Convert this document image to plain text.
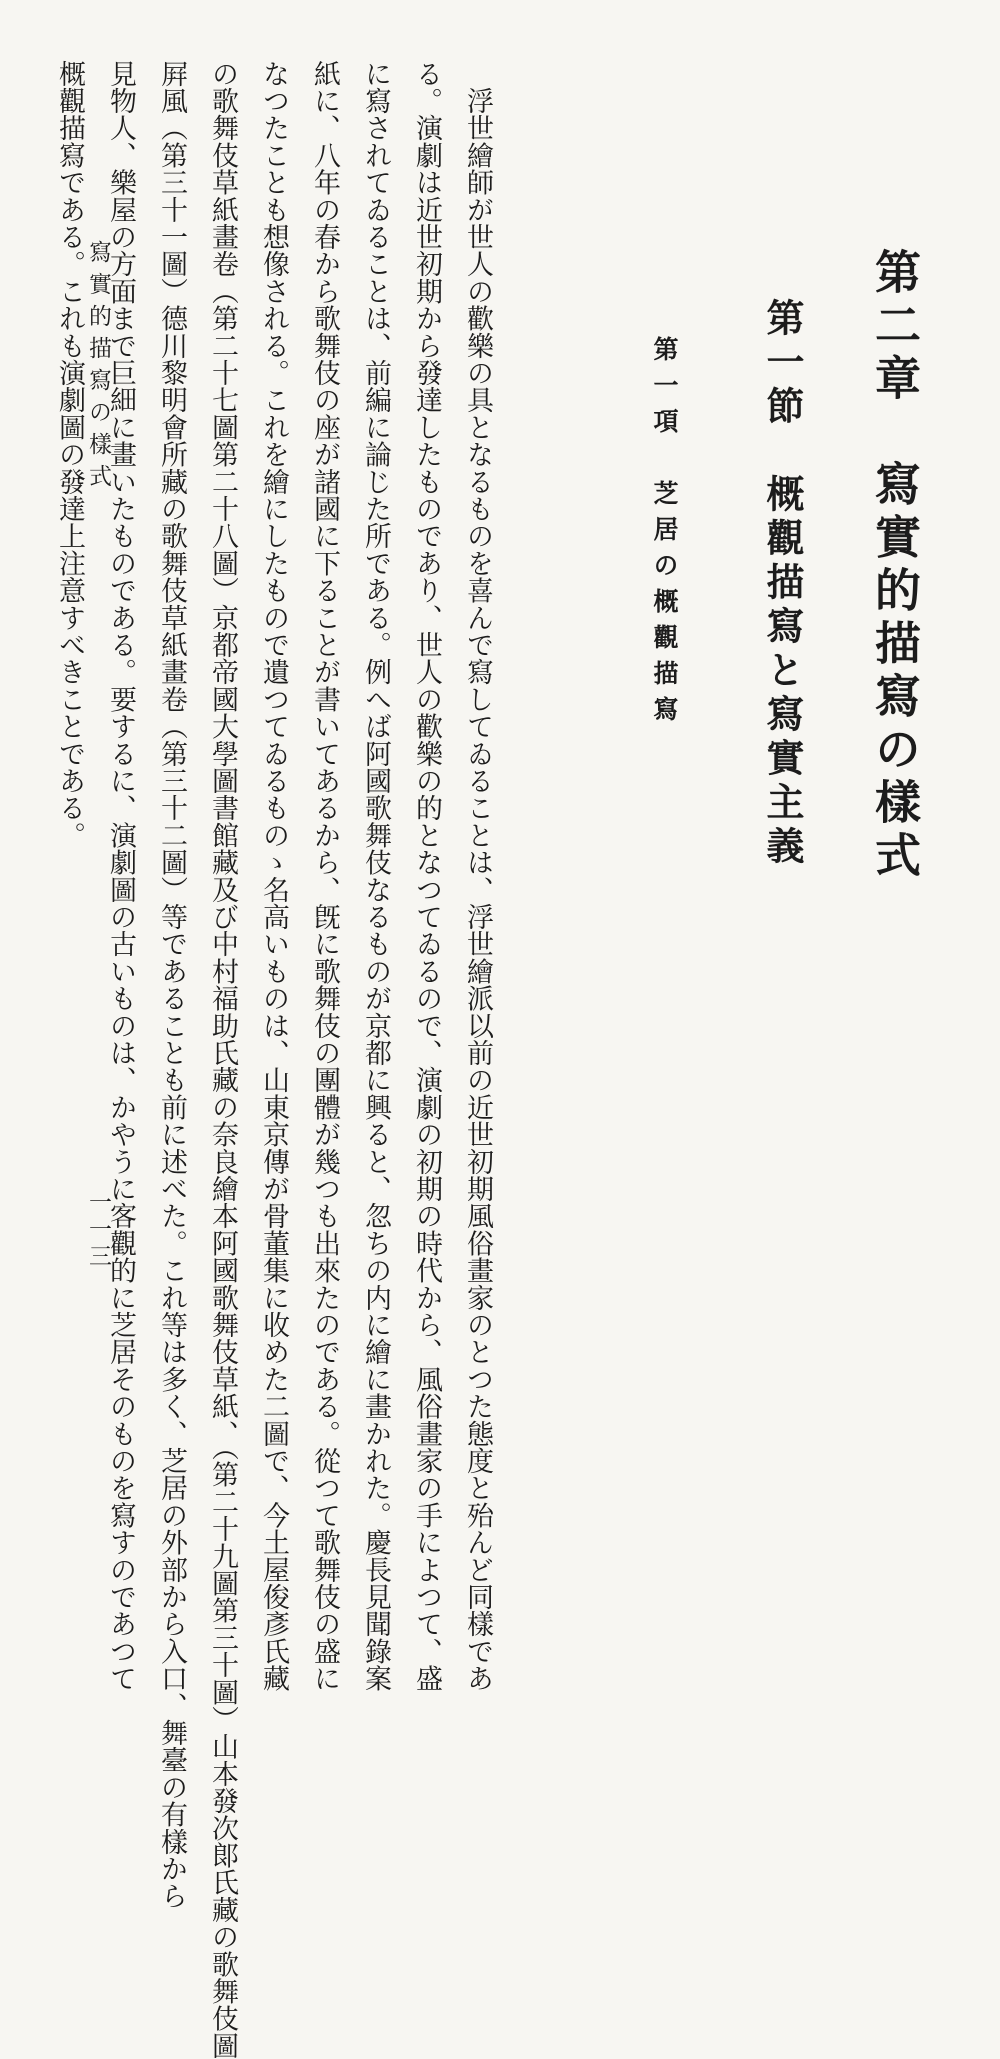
第二章　寫實的描寫の樣式
第一節　概觀描寫と寫實主義
第一項　芝居の概觀描寫

　浮世繪師が世人の歡樂の具となるものを喜んで寫してゐることは、浮世繪派以前の近世初期風俗畫家のとつた態度と殆んど同樣であ
る。演劇は近世初期から發達したものであり、世人の歡樂の的となつてゐるので、演劇の初期の時代から、風俗畫家の手によつて、盛
に寫されてゐることは、前編に論じた所である。例へば阿國歌舞伎なるものが京都に興ると、忽ちの内に繪に畫かれた。慶長見聞錄案
紙に、八年の春から歌舞伎の座が諸國に下ることが書いてあるから、旣に歌舞伎の團體が幾つも出來たのである。從つて歌舞伎の盛に
なつたことも想像される。これを繪にしたもので遺つてゐるものゝ名高いものは、山東京傳が骨董集に收めた二圖で、今土屋俊彥氏藏
の歌舞伎草紙畫卷（第二十七圖第二十八圖）京都帝國大學圖書館藏及び中村福助氏藏の奈良繪本阿國歌舞伎草紙、（第二十九圖第三十圖）山本發次郞氏藏の歌舞伎圖
屛風（第三十一圖）德川黎明會所藏の歌舞伎草紙畫卷（第三十二圖）等であることも前に述べた。これ等は多く、芝居の外部から入口、舞臺の有樣から
見物人、樂屋の方面まで巨細に畫いたものである。要するに、演劇圖の古いものは、かやうに客觀的に芝居そのものを寫すのであつて
概觀描寫である。これも演劇圖の發達上注意すべきことである。

寫實的描寫の樣式
一一三
